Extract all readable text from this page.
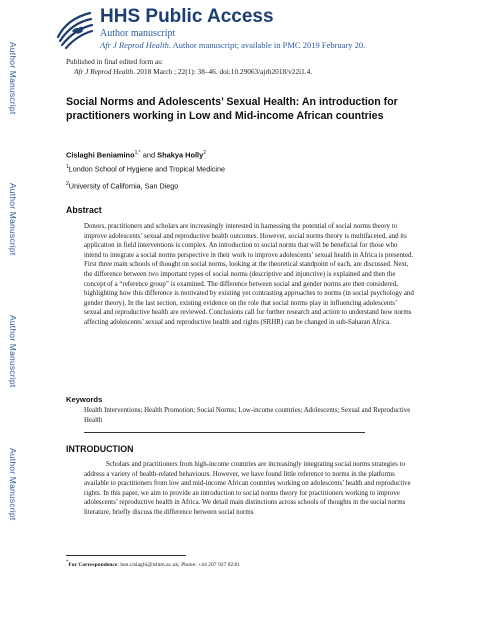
Author Manuscript
Author Manuscript
Author Manuscript
Author Manuscript
HHS Public Access
Author manuscript
Afr J Reprod Health. Author manuscript; available in PMC 2019 February 20.
Published in final edited form as:
Afr J Reprod Health. 2018 March ; 22(1): 38–46. doi:10.29063/ajrh2018/v22i1.4.
Social Norms and Adolescents’ Sexual Health: An introduction for practitioners working in Low and Mid-income African countries
Cislaghi Beniamino$^{1,*}$ and Shakya Holly$^2$
$^1$London School of Hygiene and Tropical Medicine
$^2$University of California, San Diego
Abstract
Donors, practitioners and scholars are increasingly interested in harnessing the potential of social norms theory to improve adolescents’ sexual and reproductive health outcomes. However, social norms theory is multifaceted, and its application in field interventions is complex. An introduction to social norms that will be beneficial for those who intend to integrate a social norms perspective in their work to improve adolescents’ sexual health in Africa is presented. First three main schools of thought on social norms, looking at the theoretical standpoint of each, are discussed. Next, the difference between two important types of social norms (descriptive and injunctive) is explained and then the concept of a “reference group” is examined. The difference between social and gender norms are then considered, highlighting how this difference is motivated by existing yet contrasting approaches to norms (in social psychology and gender theory). In the last section, existing evidence on the role that social norms play in influencing adolescents’ sexual and reproductive health are reviewed. Conclusions call for further research and action to understand how norms affecting adolescents’ sexual and reproductive health and rights (SRHR) can be changed in sub-Saharan Africa.
Keywords
Health Interventions; Health Promotion; Social Norms; Low-income countries; Adolescents; Sexual and Reproductive Health
INTRODUCTION
Scholars and practitioners from high-income countries are increasingly integrating social norms strategies to address a variety of health-related behaviours. However, we have found little reference to norms in the platforms available to practitioners from low and mid-income African countries working on adolescents’ health and reproductive rights. In this paper, we aim to provide an introduction to social norms theory for practitioners working to improve adolescents’ reproductive health in Africa. We detail main distinctions across schools of thoughts in the social norms literature, briefly discuss the difference between social norms
*For Correspondence: ben.cislaghi@lshtm.ac.uk; Phone: +44 207 927 8230.
